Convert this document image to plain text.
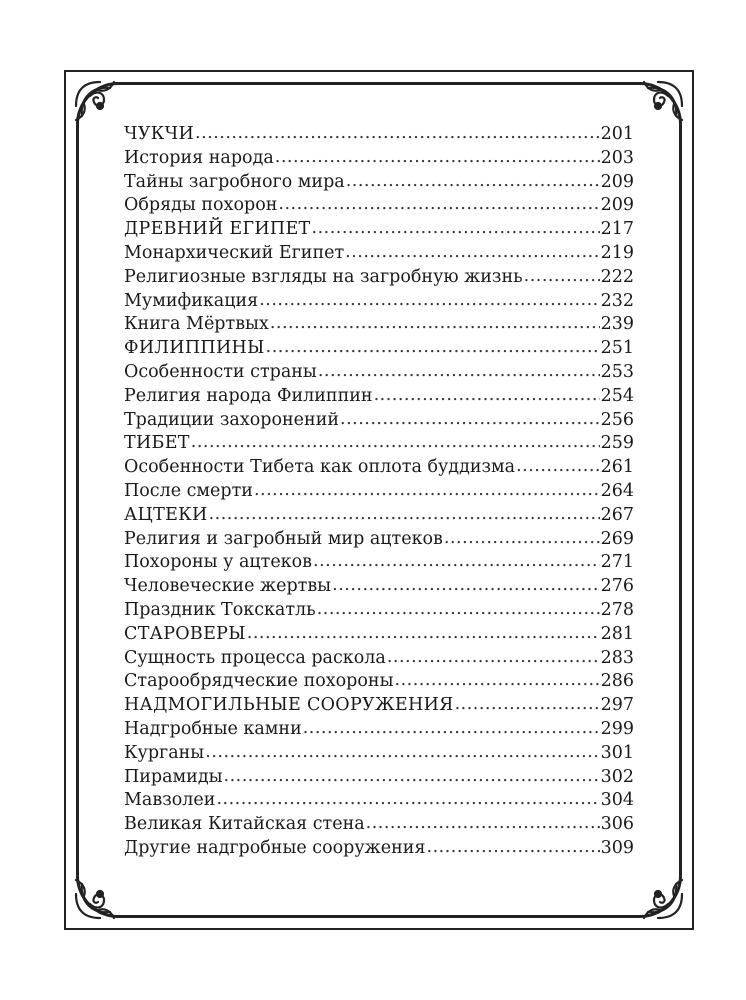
ЧУКЧИ .....	201
История народа .....	203
Тайны загробного мира .....	209
Обряды похорон .....	209
ДРЕВНИЙ ЕГИПЕТ .....	217
Монархический Египет .....	219
Религиозные взгляды на загробную жизнь .....	222
Мумификация .....	232
Книга Мёртвых .....	239
ФИЛИППИНЫ .....	251
Особенности страны .....	253
Религия народа Филиппин .....	254
Традиции захоронений .....	256
ТИБЕТ .....	259
Особенности Тибета как оплота буддизма .....	261
После смерти .....	264
АЦТЕКИ .....	267
Религия и загробный мир ацтеков .....	269
Похороны у ацтеков .....	271
Человеческие жертвы .....	276
Праздник Токскатль .....	278
СТАРОВЕРЫ .....	281
Сущность процесса раскола .....	283
Старообрядческие похороны .....	286
НАДМОГИЛЬНЫЕ СООРУЖЕНИЯ .....	297
Надгробные камни .....	299
Курганы .....	301
Пирамиды .....	302
Мавзолеи .....	304
Великая Китайская стена .....	306
Другие надгробные сооружения .....	309
